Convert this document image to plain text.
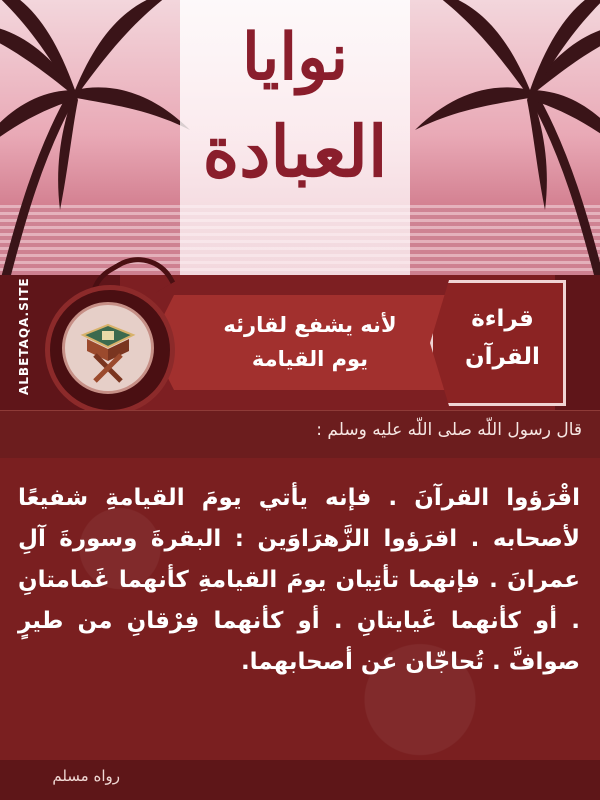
نوايا
العبادة
ALBETAQA.SITE	لأنه يشفع لقارئه
يوم القيامة
قراءة
القرآن
قال رسول اللّه صلى اللّه عليه وسلم :
اقْرَؤوا القرآنَ . فإنه يأتي يومَ القيامةِ شفيعًا لأصحابه . اقرَؤوا الزَّهرَاوَين : البقرةَ وسورةَ آلِ عمرانَ . فإنهما تأتِيان يومَ القيامةِ كأنهما غَمامتانِ . أو كأنهما غَيايتانِ . أو كأنهما فِرْقانِ من طيرٍ صوافَّ . تُحاجّان عن أصحابهما.
رواه مسلم
